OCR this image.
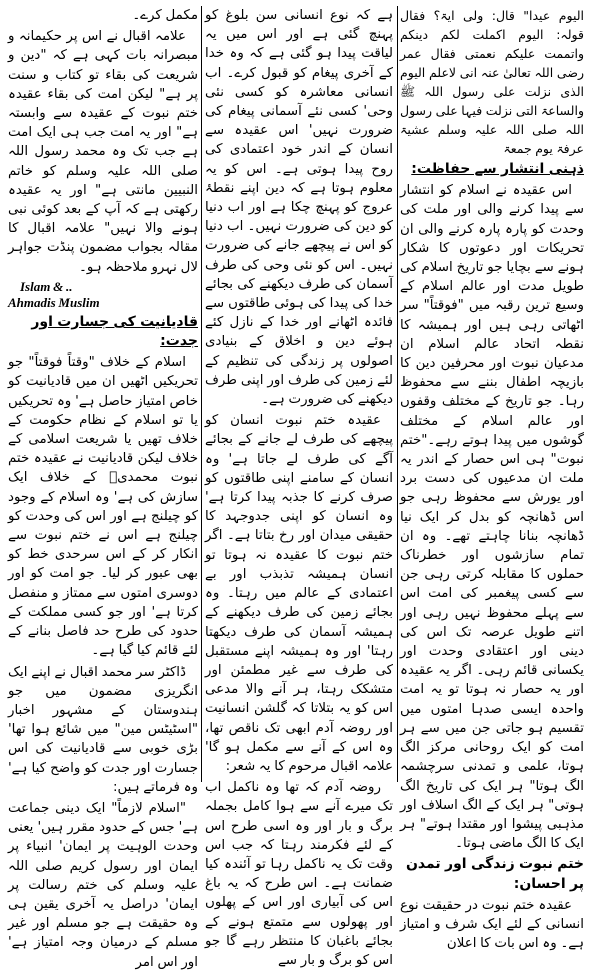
الیوم عیدا" قال: ولی ایۃ؟ فقال قولہ: الیوم اکملت لکم دینکم واتممت علیکم نعمتی فقال عمر رضی اللہ تعالیٰ عنہ انی لاعلم الیوم الذی نزلت علی رسول اللہ ﷺ والساعۃ التی نزلت فیہا علی رسول اللہ صلی اللہ علیہ وسلم عشیۃ عرفۃ یوم جمعۃ

ذہنی انتشار سے حفاظت:

اس عقیدہ نے اسلام کو انتشار سے پیدا کرنے والی اور ملت کی وحدت کو پارہ پارہ کرنے والی ان تحریکات اور دعوتوں کا شکار ہونے سے بچایا جو تاریخ اسلام کی طویل مدت اور عالم اسلام کے وسیع ترین رقبہ میں "فوقتاً" سر اٹھاتی رہی ہیں اور ہمیشہ کا نقطہ اتحاد عالم اسلام ان مدعیان نبوت اور محرفین دین کا بازیچہ اطفال بننے سے محفوظ رہا۔ جو تاریخ کے مختلف وقفوں اور عالم اسلام کے مختلف گوشوں میں پیدا ہوتے رہے۔"ختم نبوت" ہی اس حصار کے اندر یہ ملت ان مدعیوں کی دست برد اور یورش سے محفوظ رہی جو اس ڈھانچہ کو بدل کر ایک نیا ڈھانچہ بنانا چاہتے تھے۔ وہ ان تمام سازشوں اور خطرناک حملوں کا مقابلہ کرتی رہی جن سے کسی پیغمبر کی امت اس سے پہلے محفوظ نہیں رہی اور اتنے طویل عرصہ تک اس کی دینی اور اعتقادی وحدت اور یکسانی قائم رہی۔ اگر یہ عقیدہ اور یہ حصار نہ ہوتا تو یہ امت واحدہ ایسی صدہا امتوں میں تقسیم ہو جاتی جن میں سے ہر امت کو ایک روحانی مرکز الگ ہوتا، علمی و تمدنی سرچشمہ الگ ہوتا" ہر ایک کی تاریخ الگ ہوتی" ہر ایک کے الگ اسلاف اور مذہبی پیشوا اور مقتدا ہوتے" ہر ایک کا الگ ماضی ہوتا۔

ختم نبوت زندگی اور تمدن پر احسان:

عقیدہ ختم نبوت در حقیقت نوع انسانی کے لئے ایک شرف و امتیاز ہے۔ وہ اس بات کا اعلان

ہے کہ نوع انسانی سن بلوغ کو پہنچ گئی ہے اور اس میں یہ لیاقت پیدا ہو گئی ہے کہ وہ خدا کے آخری پیغام کو قبول کرے۔ اب انسانی معاشرہ کو کسی نئی وحی' کسی نئے آسمانی پیغام کی ضرورت نہیں' اس عقیدہ سے انسان کے اندر خود اعتمادی کی روح پیدا ہوتی ہے۔ اس کو یہ معلوم ہوتا ہے کہ دین اپنے نقطۂ عروج کو پہنچ چکا ہے اور اب دنیا کو دین کی ضرورت نہیں۔ اب دنیا کو اس نے پیچھے جانے کی ضرورت نہیں۔ اس کو نئی وحی کی طرف آسمان کی طرف دیکھنے کی بجائے خدا کی پیدا کی ہوئی طاقتوں سے فائدہ اٹھانے اور خدا کے نازل کئے ہوئے دین و اخلاق کے بنیادی اصولوں پر زندگی کی تنظیم کے لئے زمین کی طرف اور اپنی طرف دیکھنے کی ضرورت ہے۔

عقیدہ ختم نبوت انسان کو پیچھے کی طرف لے جانے کے بجائے آگے کی طرف لے جاتا ہے' وہ انسان کے سامنے اپنی طاقتوں کو صرف کرنے کا جذبہ پیدا کرتا ہے' وہ انسان کو اپنی جدوجہد کا حقیقی میدان اور رخ بتاتا ہے۔ اگر ختم نبوت کا عقیدہ نہ ہوتا تو انسان ہمیشہ تذبذب اور بے اعتمادی کے عالم میں رہتا۔ وہ بجائے زمین کی طرف دیکھنے کے ہمیشہ آسمان کی طرف دیکھتا رہتا' اور وہ ہمیشہ اپنے مستقبل کی طرف سے غیر مطمئن اور متشکک رہتا، ہر آنے والا مدعی اس کو یہ بتلاتا کہ گلشن انسانیت اور روضہ آدم ابھی تک ناقص تھا، وہ اس کے آنے سے مکمل ہو گا' علامہ اقبال مرحوم کا یہ شعر:

روضہ آدم کہ تھا وہ ناکمل اب تک میرے آنے سے ہوا کامل بجملہ برگ و بار اور وہ اسی طرح اس کے لئے فکرمند رہتا کہ جب اس وقت تک یہ ناکمل رہا تو آئندہ کیا ضمانت ہے۔ اس طرح کہ یہ باغ اس کی آبیاری اور اس کے پھلوں اور پھولوں سے متمتع ہونے کے بجائے باغبان کا منتظر رہے گا جو اس کو برگ و بار سے

مکمل کرے۔

علامہ اقبال نے اس پر حکیمانہ و مبصرانہ بات کہی ہے کہ "دین و شریعت کی بقاء تو کتاب و سنت پر ہے" لیکن امت کی بقاء عقیدہ ختم نبوت کے عقیدہ سے وابستہ ہے" اور یہ امت جب ہی ایک امت ہے جب تک وہ محمد رسول اللہ صلی اللہ علیہ وسلم کو خاتم النبیین مانتی ہے" اور یہ عقیدہ رکھتی ہے کہ آپ کے بعد کوئی نبی ہونے والا نہیں" علامہ اقبال کا مقالہ بجواب مضمون پنڈت جواہر لال نہرو ملاحظہ ہو۔

Islam & ..
Ahmadis Muslim

قادیانیت کی جسارت اور جدت:

اسلام کے خلاف "وقتاً فوقتاً" جو تحریکیں اٹھیں ان میں قادیانیت کو خاص امتیاز حاصل ہے' وہ تحریکیں یا تو اسلام کے نظام حکومت کے خلاف تھیں یا شریعت اسلامی کے خلاف لیکن قادیانیت نے عقیدہ ختم نبوت محمدیؐ کے خلاف ایک سازش کی ہے' وہ اسلام کے وجود کو چیلنج ہے اور اس کی وحدت کو چیلنج ہے اس نے ختم نبوت سے انکار کر کے اس سرحدی خط کو بھی عبور کر لیا۔ جو امت کو اور دوسری امتوں سے ممتاز و منفصل کرتا ہے' اور جو کسی مملکت کے حدود کی طرح حد فاصل بنانے کے لئے قائم کیا گیا ہے۔

ڈاکٹر سر محمد اقبال نے اپنے ایک انگریزی مضمون میں جو ہندوستان کے مشہور اخبار "اسٹیٹس مین" میں شائع ہوا تھا' بڑی خوبی سے قادیانیت کی اس جسارت اور جدت کو واضح کیا ہے' وہ فرماتے ہیں:

"اسلام لازماً" ایک دینی جماعت ہے' جس کے حدود مقرر ہیں' یعنی وحدت الوہیت پر ایمان' انبیاء پر ایمان اور رسول کریم صلی اللہ علیہ وسلم کی ختم رسالت پر ایمان' دراصل یہ آخری یقین ہی وہ حقیقت ہے جو مسلم اور غیر مسلم کے درمیان وجہ امتیاز ہے' اور اس امر
